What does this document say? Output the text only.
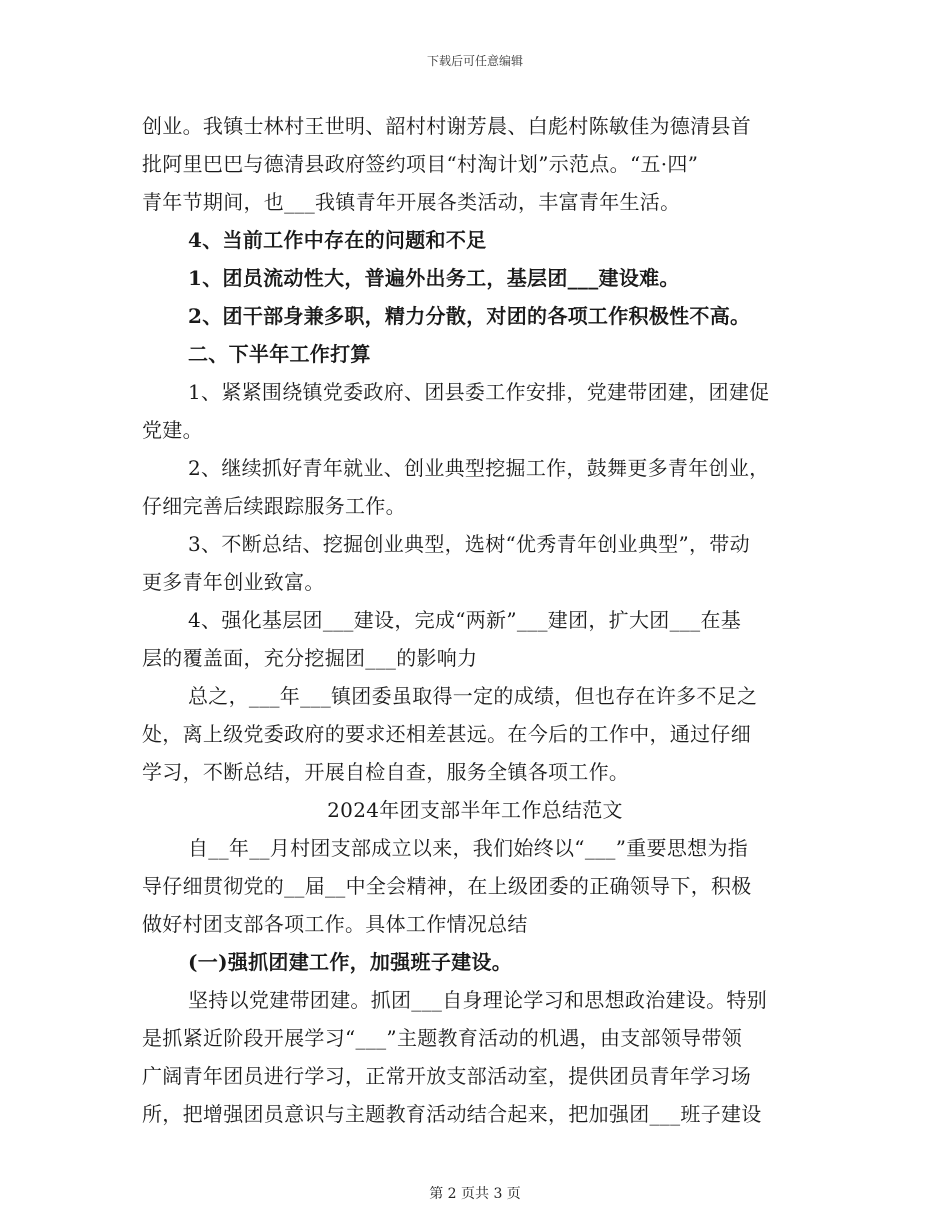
下载后可任意编辑
创业。我镇士林村王世明、韶村村谢芳晨、白彪村陈敏佳为德清县首
批阿里巴巴与德清县政府签约项目“村淘计划”示范点。“五·四”
青年节期间，也___我镇青年开展各类活动，丰富青年生活。
4、当前工作中存在的问题和不足
1、团员流动性大，普遍外出务工，基层团___建设难。
2、团干部身兼多职，精力分散，对团的各项工作积极性不高。
二、下半年工作打算
1、紧紧围绕镇党委政府、团县委工作安排，党建带团建，团建促
党建。
2、继续抓好青年就业、创业典型挖掘工作，鼓舞更多青年创业，
仔细完善后续跟踪服务工作。
3、不断总结、挖掘创业典型，选树“优秀青年创业典型”，带动
更多青年创业致富。
4、强化基层团___建设，完成“两新”___建团，扩大团___在基
层的覆盖面，充分挖掘团___的影响力
总之，___年___镇团委虽取得一定的成绩，但也存在许多不足之
处，离上级党委政府的要求还相差甚远。在今后的工作中，通过仔细
学习，不断总结，开展自检自查，服务全镇各项工作。
2024年团支部半年工作总结范文
自__年__月村团支部成立以来，我们始终以“___”重要思想为指
导仔细贯彻党的__届__中全会精神，在上级团委的正确领导下，积极
做好村团支部各项工作。具体工作情况总结
(一)强抓团建工作，加强班子建设。
坚持以党建带团建。抓团___自身理论学习和思想政治建设。特别
是抓紧近阶段开展学习“___”主题教育活动的机遇，由支部领导带领
广阔青年团员进行学习，正常开放支部活动室，提供团员青年学习场
所，把增强团员意识与主题教育活动结合起来，把加强团___班子建设
第 2 页共 3 页
